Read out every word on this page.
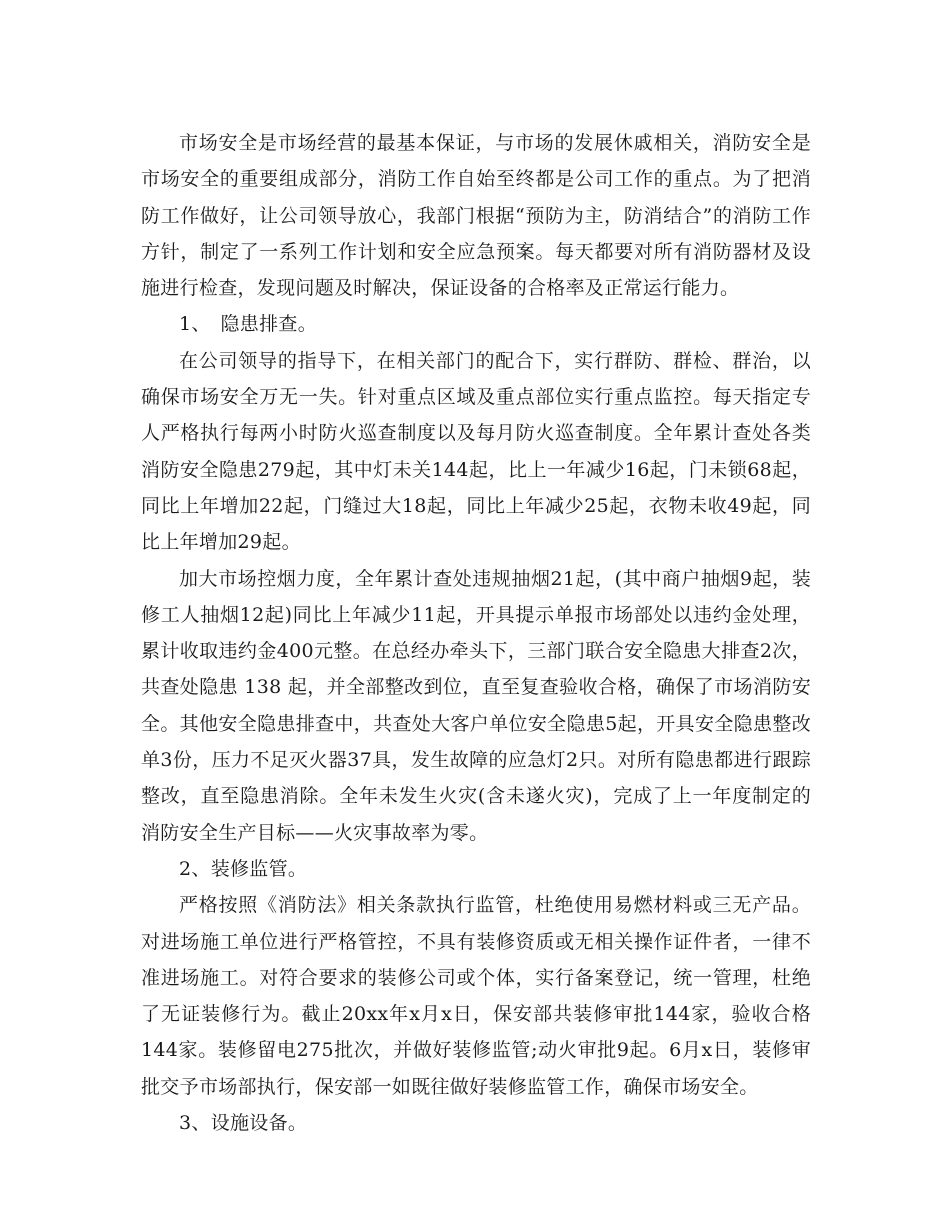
市场安全是市场经营的最基本保证，与市场的发展休戚相关，消防安全是市场安全的重要组成部分，消防工作自始至终都是公司工作的重点。为了把消防工作做好，让公司领导放心，我部门根据“预防为主，防消结合”的消防工作方针，制定了一系列工作计划和安全应急预案。每天都要对所有消防器材及设施进行检查，发现问题及时解决，保证设备的合格率及正常运行能力。

1、　隐患排查。

在公司领导的指导下，在相关部门的配合下，实行群防、群检、群治，以确保市场安全万无一失。针对重点区域及重点部位实行重点监控。每天指定专人严格执行每两小时防火巡查制度以及每月防火巡查制度。全年累计查处各类消防安全隐患279起，其中灯未关144起，比上一年减少16起，门未锁68起，同比上年增加22起，门缝过大18起，同比上年减少25起，衣物未收49起，同比上年增加29起。

加大市场控烟力度，全年累计查处违规抽烟21起，(其中商户抽烟9起，装修工人抽烟12起)同比上年减少11起，开具提示单报市场部处以违约金处理，累计收取违约金400元整。在总经办牵头下，三部门联合安全隐患大排查2次，共查处隐患 138 起，并全部整改到位，直至复查验收合格，确保了市场消防安全。其他安全隐患排查中，共查处大客户单位安全隐患5起，开具安全隐患整改单3份，压力不足灭火器37具，发生故障的应急灯2只。对所有隐患都进行跟踪整改，直至隐患消除。全年未发生火灾(含未遂火灾)，完成了上一年度制定的消防安全生产目标——火灾事故率为零。

2、装修监管。

严格按照《消防法》相关条款执行监管，杜绝使用易燃材料或三无产品。对进场施工单位进行严格管控，不具有装修资质或无相关操作证件者，一律不准进场施工。对符合要求的装修公司或个体，实行备案登记，统一管理，杜绝了无证装修行为。截止20xx年x月x日，保安部共装修审批144家，验收合格144家。装修留电275批次，并做好装修监管;动火审批9起。6月x日，装修审批交予市场部执行，保安部一如既往做好装修监管工作，确保市场安全。

3、设施设备。
